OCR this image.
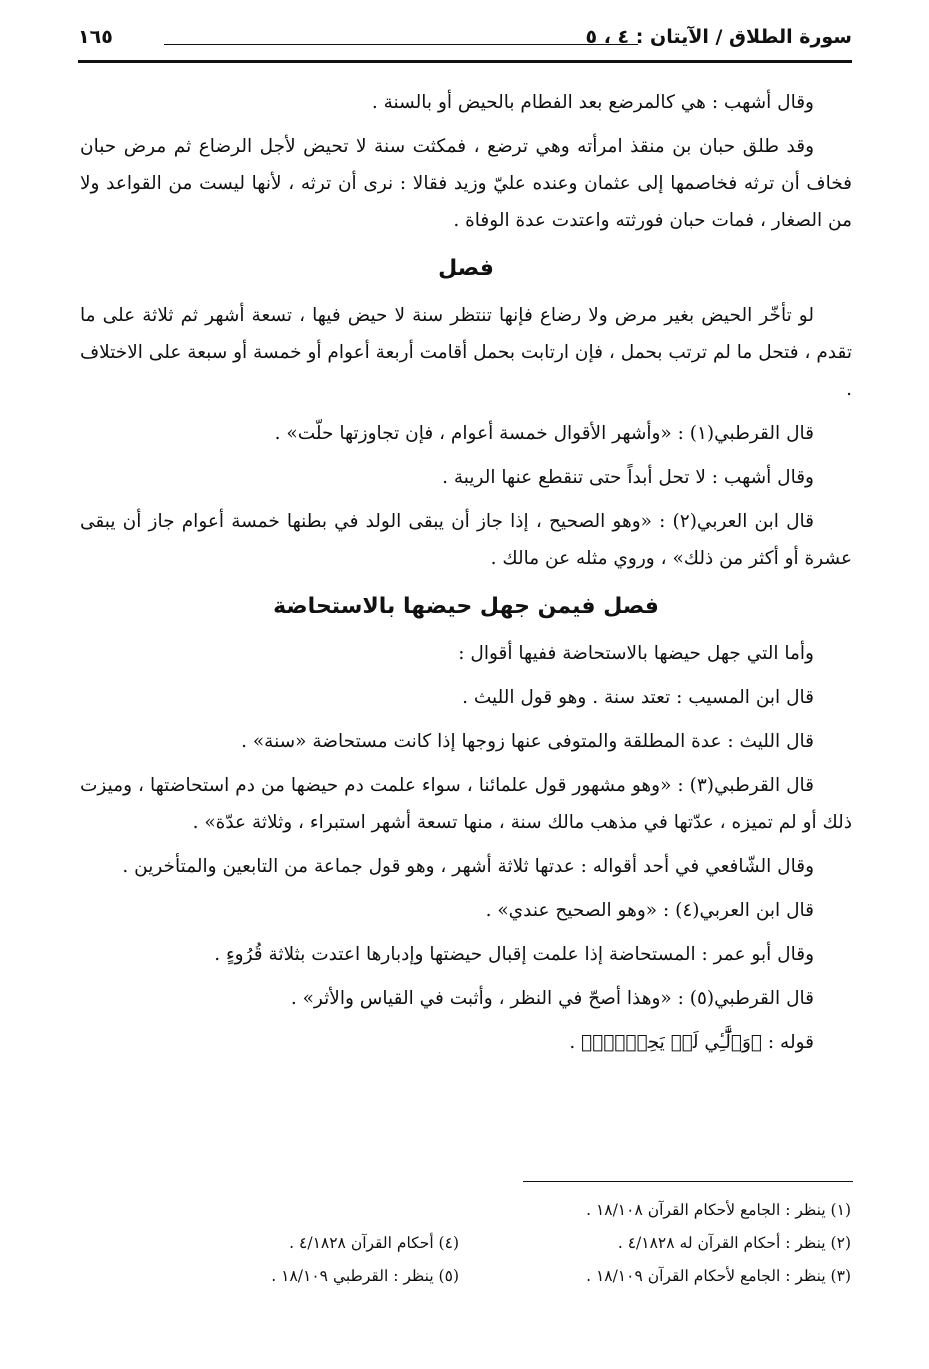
سورة الطلاق / الآيتان : ٤ ، ٥
١٦٥

وقال أشهب : هي كالمرضع بعد الفطام بالحيض أو بالسنة .

وقد طلق حبان بن منقذ امرأته وهي ترضع ، فمكثت سنة لا تحيض لأجل الرضاع ثم مرض حبان فخاف أن ترثه فخاصمها إلى عثمان وعنده عليّ وزيد فقالا : نرى أن ترثه ، لأنها ليست من القواعد ولا من الصغار ، فمات حبان فورثته واعتدت عدة الوفاة .

فصل

لو تأخّر الحيض بغير مرض ولا رضاع فإنها تنتظر سنة لا حيض فيها ، تسعة أشهر ثم ثلاثة على ما تقدم ، فتحل ما لم ترتب بحمل ، فإن ارتابت بحمل أقامت أربعة أعوام أو خمسة أو سبعة على الاختلاف .

قال القرطبي(١) : «وأشهر الأقوال خمسة أعوام ، فإن تجاوزتها حلّت» .

وقال أشهب : لا تحل أبداً حتى تنقطع عنها الريبة .

قال ابن العربي(٢) : «وهو الصحيح ، إذا جاز أن يبقى الولد في بطنها خمسة أعوام جاز أن يبقى عشرة أو أكثر من ذلك» ، وروي مثله عن مالك .

فصل فيمن جهل حيضها بالاستحاضة

وأما التي جهل حيضها بالاستحاضة ففيها أقوال :

قال ابن المسيب : تعتد سنة . وهو قول الليث .

قال الليث : عدة المطلقة والمتوفى عنها زوجها إذا كانت مستحاضة «سنة» .

قال القرطبي(٣) : «وهو مشهور قول علمائنا ، سواء علمت دم حيضها من دم استحاضتها ، وميزت ذلك أو لم تميزه ، عدّتها في مذهب مالك سنة ، منها تسعة أشهر استبراء ، وثلاثة عدّة» .

وقال الشّافعي في أحد أقواله : عدتها ثلاثة أشهر ، وهو قول جماعة من التابعين والمتأخرين .

قال ابن العربي(٤) : «وهو الصحيح عندي» .

وقال أبو عمر : المستحاضة إذا علمت إقبال حيضتها وإدبارها اعتدت بثلاثة قُرُوءٍ .

قال القرطبي(٥) : «وهذا أصحّ في النظر ، وأثبت في القياس والأثر» .

قوله : ﴿وَٱلَّٰٓـِٔي لَمۡ يَحِضۡنَۚ﴾ .

(١) ينظر : الجامع لأحكام القرآن ١٨/١٠٨ .
(٢) ينظر : أحكام القرآن له ٤/١٨٢٨ .
(٣) ينظر : الجامع لأحكام القرآن ١٨/١٠٩ .
(٤) أحكام القرآن ٤/١٨٢٨ .
(٥) ينظر : القرطبي ١٨/١٠٩ .
